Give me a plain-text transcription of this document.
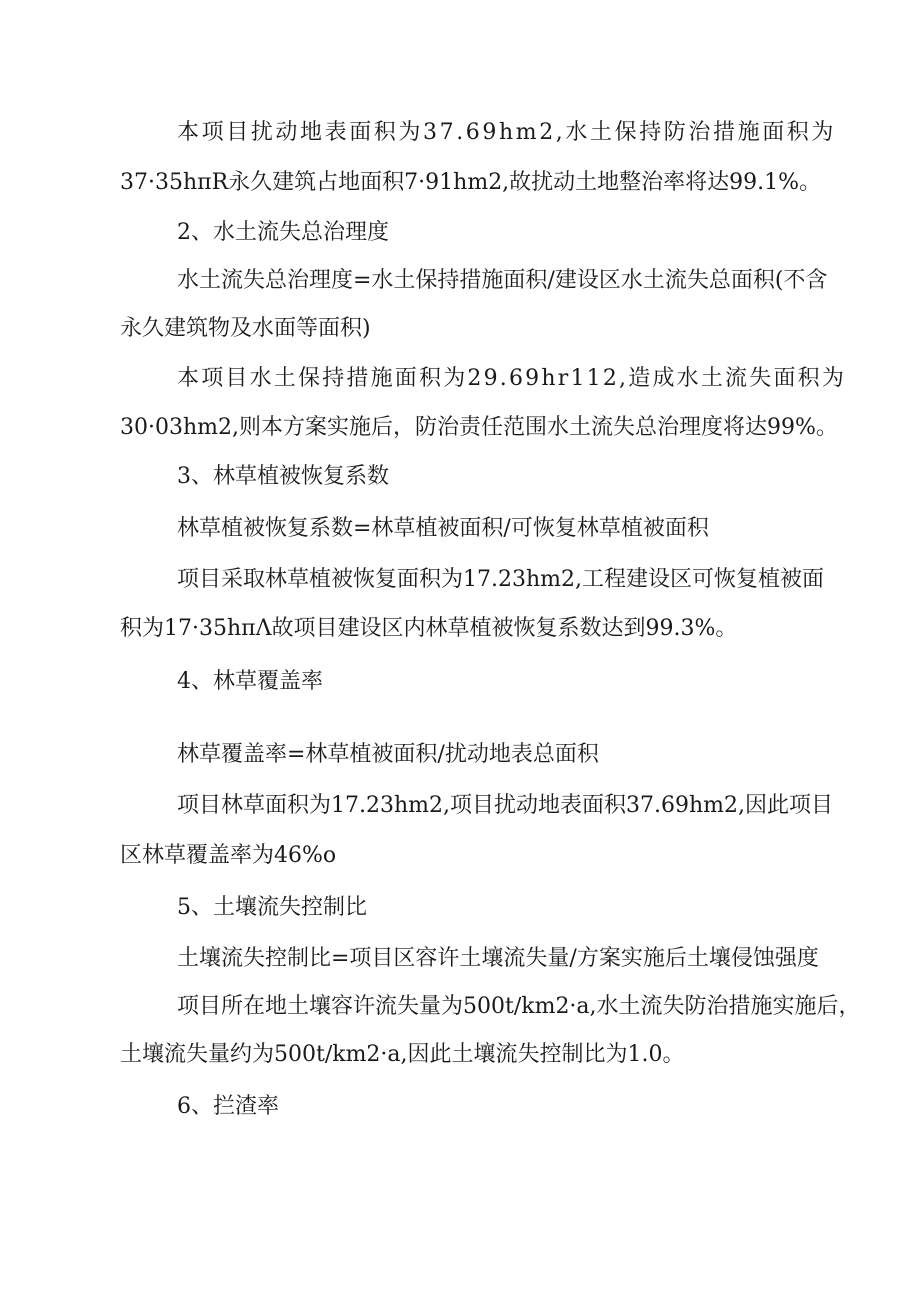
本项目扰动地表面积为37.69hm2,水土保持防治措施面积为
37·35hπR永久建筑占地面积7·91hm2,故扰动土地整治率将达99.1%。
2、水土流失总治理度
水土流失总治理度=水土保持措施面积/建设区水土流失总面积(不含
永久建筑物及水面等面积)
本项目水土保持措施面积为29.69hr112,造成水土流失面积为
30·03hm2,则本方案实施后，防治责任范围水土流失总治理度将达99%。
3、林草植被恢复系数
林草植被恢复系数=林草植被面积/可恢复林草植被面积
项目采取林草植被恢复面积为17.23hm2,工程建设区可恢复植被面
积为17·35hπΛ故项目建设区内林草植被恢复系数达到99.3%。
4、林草覆盖率
林草覆盖率=林草植被面积/扰动地表总面积
项目林草面积为17.23hm2,项目扰动地表面积37.69hm2,因此项目
区林草覆盖率为46%o
5、土壤流失控制比
土壤流失控制比=项目区容许土壤流失量/方案实施后土壤侵蚀强度
项目所在地土壤容许流失量为500t∕km2·a,水土流失防治措施实施后，
土壤流失量约为500t∕km2·a,因此土壤流失控制比为1.0。
6、拦渣率
